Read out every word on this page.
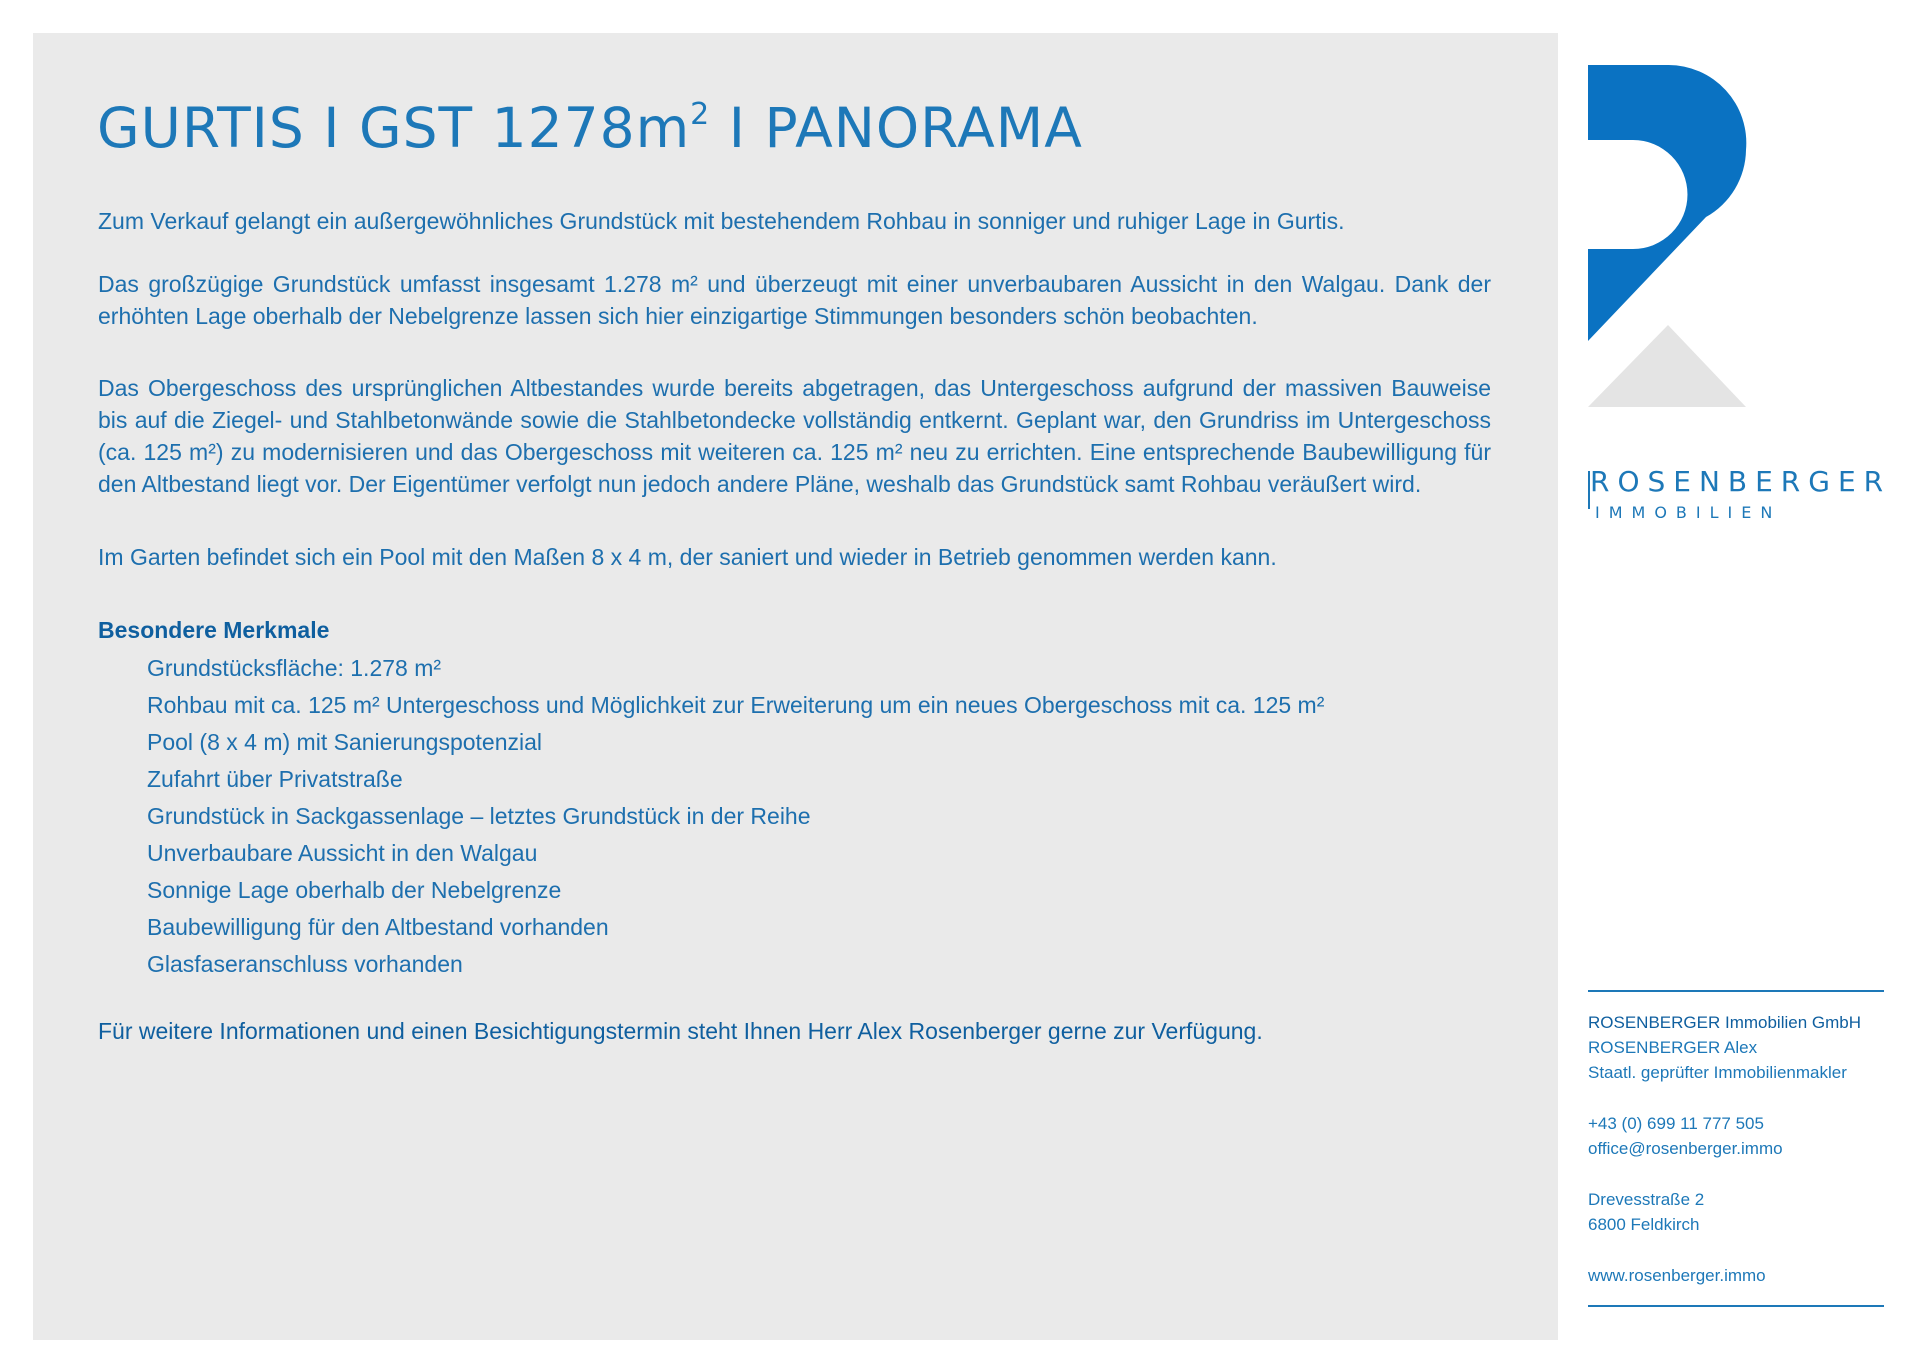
GURTIS I GST $1278m^2$ I PANORAMA

Zum Verkauf gelangt ein außergewöhnliches Grundstück mit bestehendem Rohbau in sonniger und ruhiger Lage in Gurtis.

Das großzügige Grundstück umfasst insgesamt 1.278 m² und überzeugt mit einer unverbaubaren Aussicht in den Walgau. Dank der erhöhten Lage oberhalb der Nebelgrenze lassen sich hier einzigartige Stimmungen besonders schön beobachten.

Das Obergeschoss des ursprünglichen Altbestandes wurde bereits abgetragen, das Untergeschoss aufgrund der massiven Bauweise bis auf die Ziegel- und Stahlbetonwände sowie die Stahlbetondecke vollständig entkernt. Geplant war, den Grundriss im Untergeschoss (ca. 125 m²) zu modernisieren und das Obergeschoss mit weiteren ca. 125 m² neu zu errichten. Eine entsprechende Baubewilligung für den Altbestand liegt vor. Der Eigentümer verfolgt nun jedoch andere Pläne, weshalb das Grundstück samt Rohbau veräußert wird.

Im Garten befindet sich ein Pool mit den Maßen 8 x 4 m, der saniert und wieder in Betrieb genommen werden kann.

Besondere Merkmale
Grundstücksfläche: 1.278 m²
Rohbau mit ca. 125 m² Untergeschoss und Möglichkeit zur Erweiterung um ein neues Obergeschoss mit ca. 125 m²
Pool (8 x 4 m) mit Sanierungspotenzial
Zufahrt über Privatstraße
Grundstück in Sackgassenlage – letztes Grundstück in der Reihe
Unverbaubare Aussicht in den Walgau
Sonnige Lage oberhalb der Nebelgrenze
Baubewilligung für den Altbestand vorhanden
Glasfaseranschluss vorhanden

Für weitere Informationen und einen Besichtigungstermin steht Ihnen Herr Alex Rosenberger gerne zur Verfügung.

ROSENBERGER
IMMOBILIEN
ROSENBERGER Immobilien GmbH
ROSENBERGER Alex
Staatl. geprüfter Immobilienmakler
+43 (0) 699 11 777 505
office@rosenberger.immo
Drevesstraße 2
6800 Feldkirch
www.rosenberger.immo
